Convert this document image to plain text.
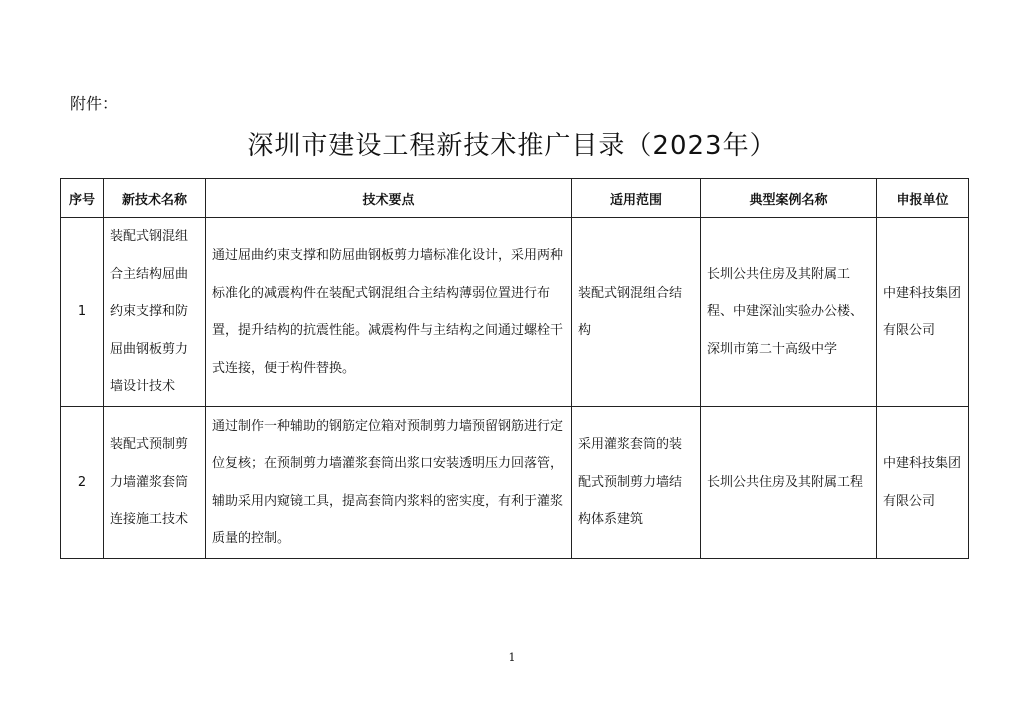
附件：
深圳市建设工程新技术推广目录（2023年）
序号	新技术名称	技术要点	适用范围	典型案例名称	申报单位
1	装配式钢混组合主结构屈曲约束支撑和防屈曲钢板剪力墙设计技术	通过屈曲约束支撑和防屈曲钢板剪力墙标准化设计，采用两种标准化的减震构件在装配式钢混组合主结构薄弱位置进行布置，提升结构的抗震性能。减震构件与主结构之间通过螺栓干式连接，便于构件替换。	装配式钢混组合结构	长圳公共住房及其附属工程、中建深汕实验办公楼、深圳市第二十高级中学	中建科技集团有限公司
2	装配式预制剪力墙灌浆套筒连接施工技术	通过制作一种辅助的钢筋定位箱对预制剪力墙预留钢筋进行定位复核；在预制剪力墙灌浆套筒出浆口安装透明压力回落管，辅助采用内窥镜工具，提高套筒内浆料的密实度，有利于灌浆质量的控制。	采用灌浆套筒的装配式预制剪力墙结构体系建筑	长圳公共住房及其附属工程	中建科技集团有限公司
1
